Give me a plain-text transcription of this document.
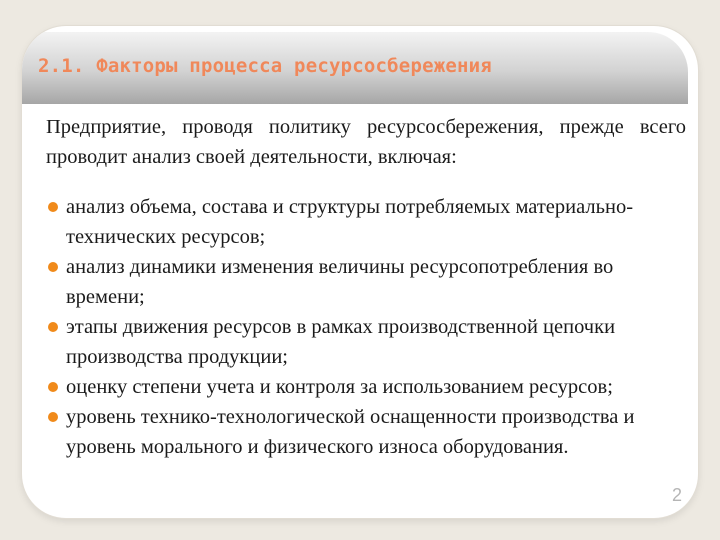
2.1. Факторы процесса ресурсосбережения

Предприятие, проводя политику ресурсосбережения, прежде всего проводит анализ своей деятельности, включая:

анализ объема, состава и структуры потребляемых материально-технических ресурсов;
анализ динамики изменения величины ресурсопотребления во времени;
этапы движения ресурсов в рамках производственной цепочки производства продукции;
оценку степени учета и контроля за использованием ресурсов;
уровень технико-технологической оснащенности производства и уровень морального и физического износа оборудования.
2
